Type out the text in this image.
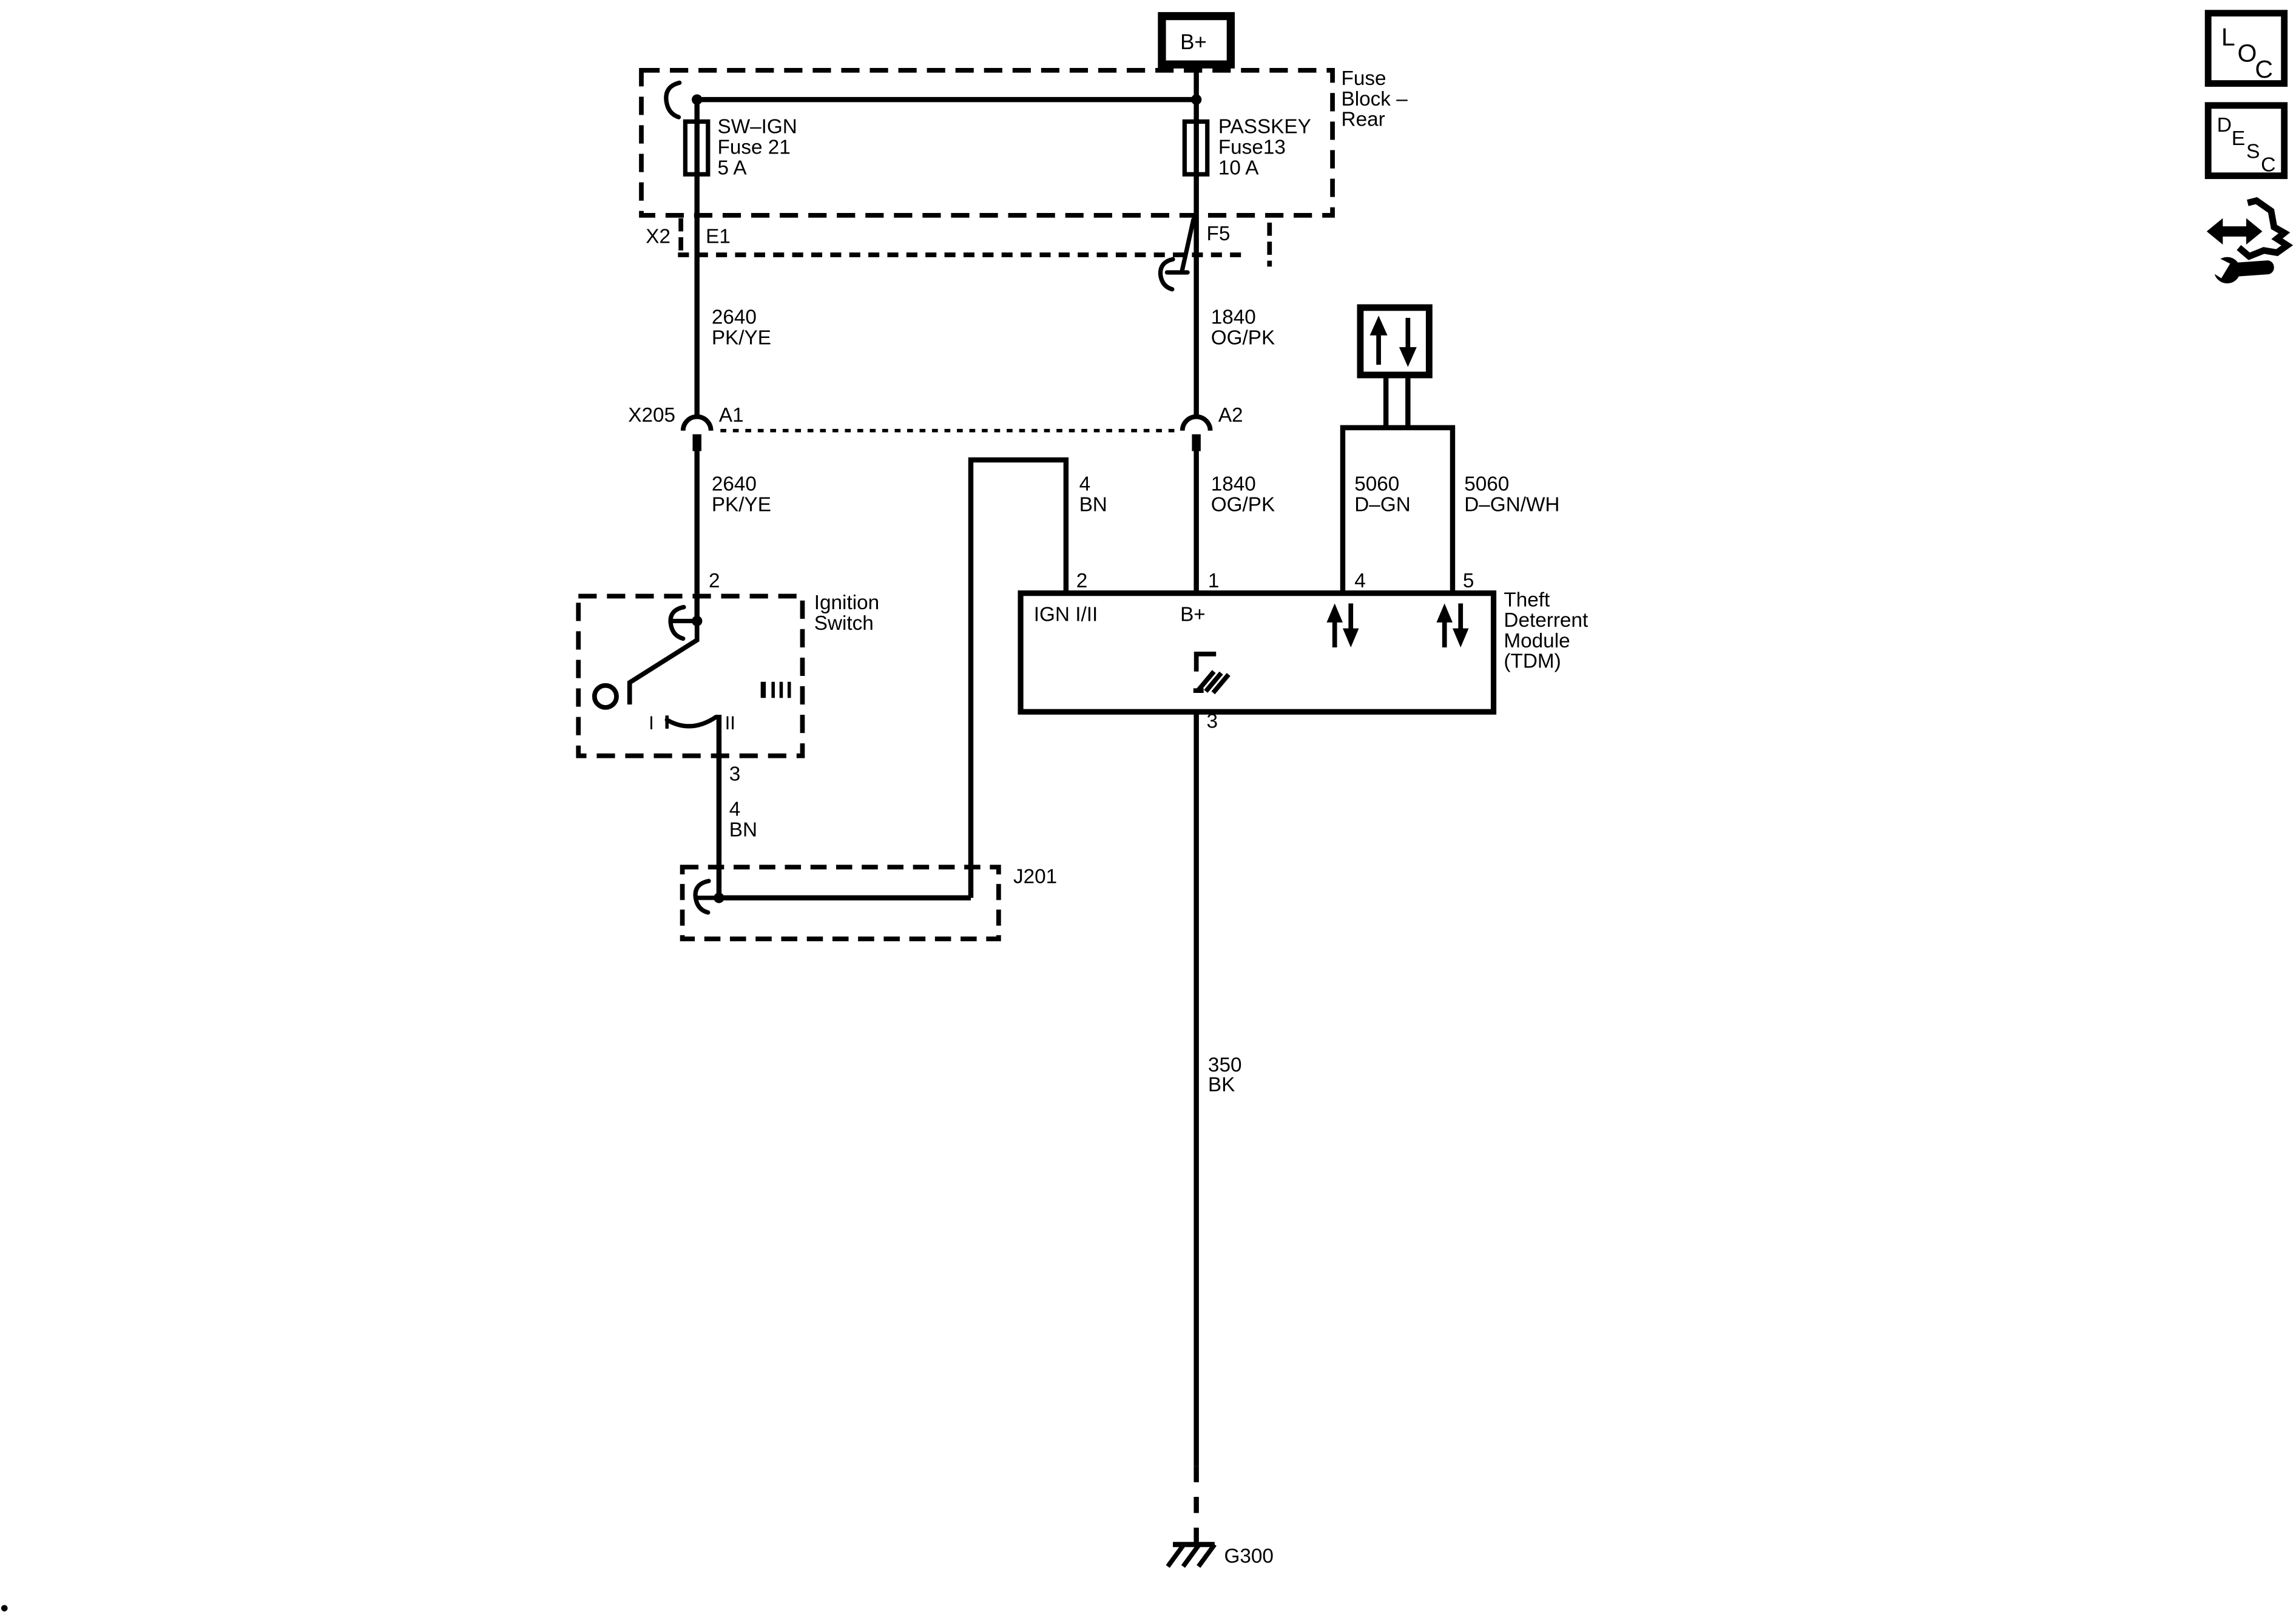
B+
SW–IGN
Fuse 21
5 A
PASSKEY
Fuse13
10 A
Fuse
Block –
Rear
X2	E1	F5
2640
PK/YE
1840
OG/PK
X205	A1	A2
2640
PK/YE
1840
OG/PK
4
BN
5060
D–GN
5060
D–GN/WH
2	1	4	5
IGN I/II	B+
Theft
Deterrent
Module
(TDM)
3
350
BK
G300
2
Ignition
Switch
I	II
3
4
BN
J201
L
O
C
D
E
S
C
